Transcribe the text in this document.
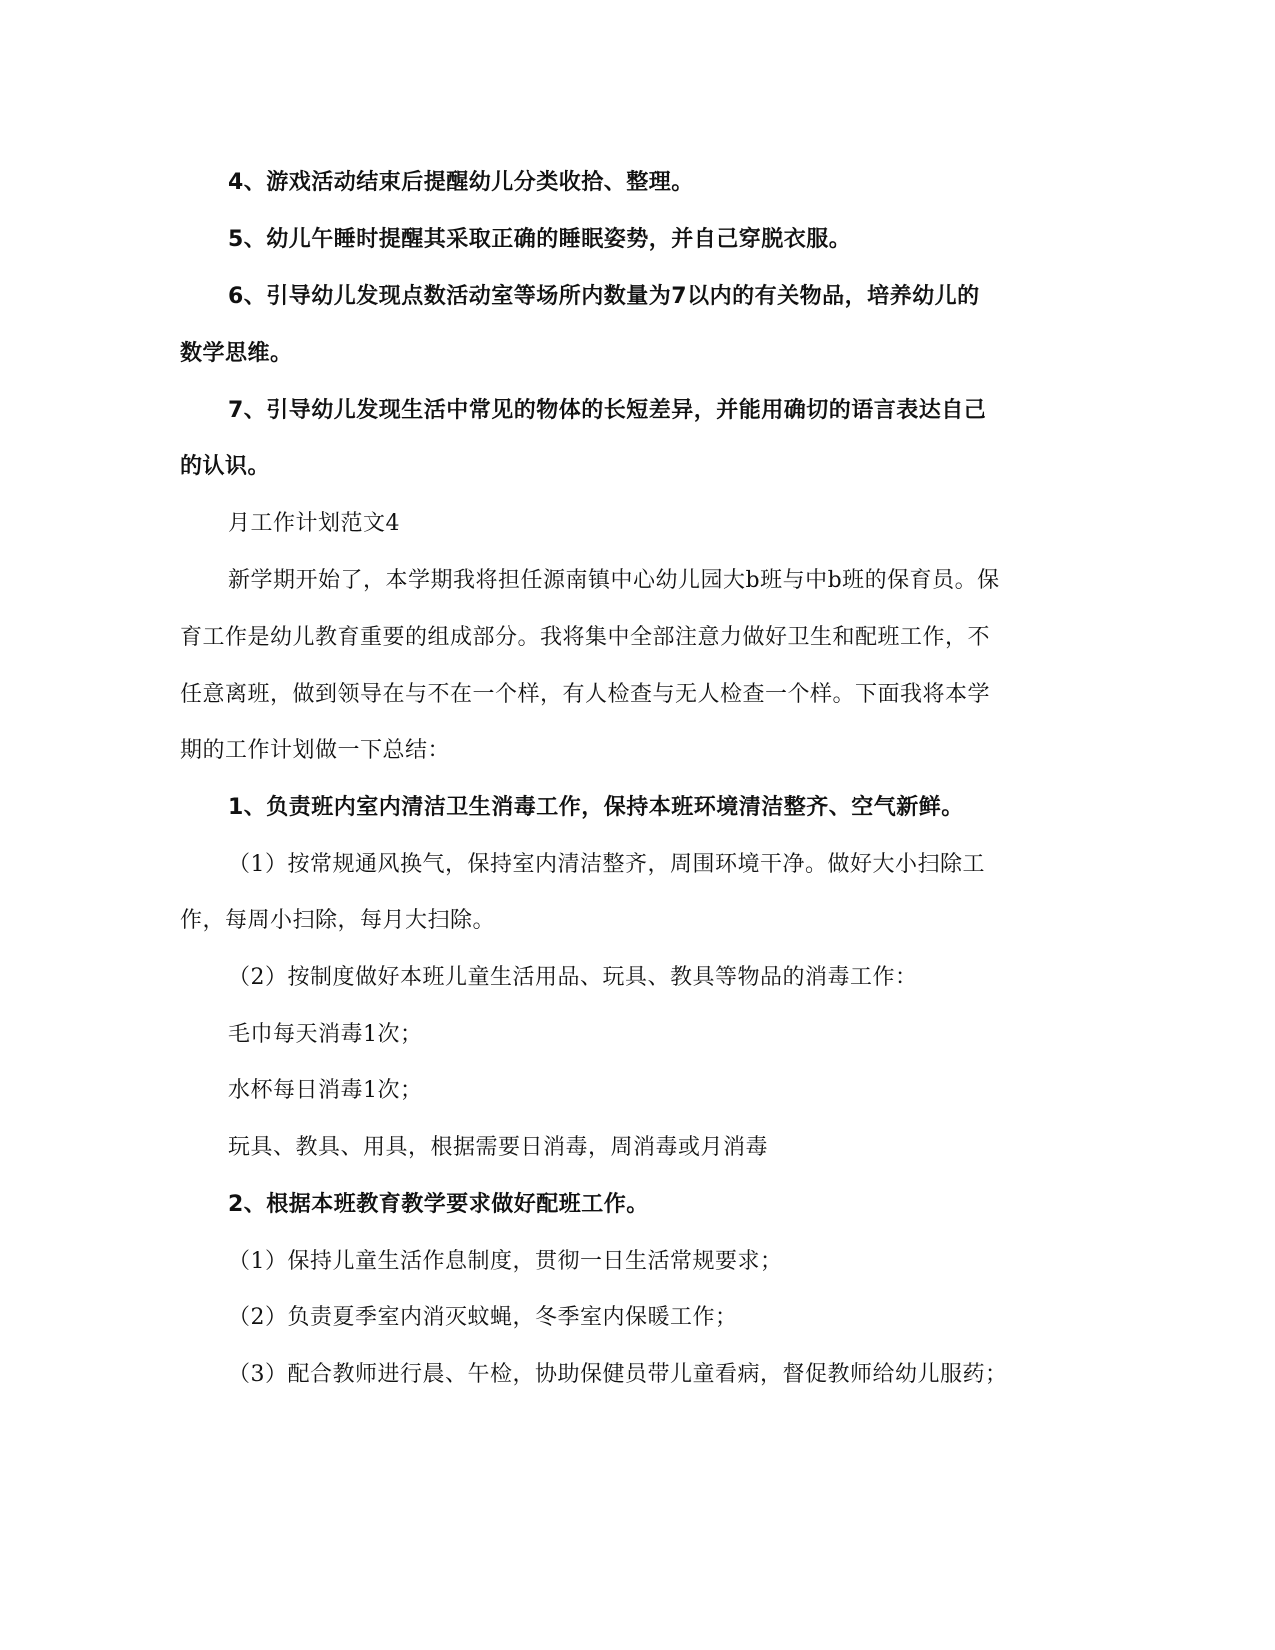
4、游戏活动结束后提醒幼儿分类收拾、整理。
5、幼儿午睡时提醒其采取正确的睡眠姿势，并自己穿脱衣服。
6、引导幼儿发现点数活动室等场所内数量为7以内的有关物品，培养幼儿的
数学思维。
7、引导幼儿发现生活中常见的物体的长短差异，并能用确切的语言表达自己
的认识。
月工作计划范文4
新学期开始了，本学期我将担任源南镇中心幼儿园大b班与中b班的保育员。保
育工作是幼儿教育重要的组成部分。我将集中全部注意力做好卫生和配班工作，不
任意离班，做到领导在与不在一个样，有人检查与无人检查一个样。下面我将本学
期的工作计划做一下总结：
1、负责班内室内清洁卫生消毒工作，保持本班环境清洁整齐、空气新鲜。
（1）按常规通风换气，保持室内清洁整齐，周围环境干净。做好大小扫除工
作，每周小扫除，每月大扫除。
（2）按制度做好本班儿童生活用品、玩具、教具等物品的消毒工作：
毛巾每天消毒1次；
水杯每日消毒1次；
玩具、教具、用具，根据需要日消毒，周消毒或月消毒
2、根据本班教育教学要求做好配班工作。
（1）保持儿童生活作息制度，贯彻一日生活常规要求；
（2）负责夏季室内消灭蚊蝇，冬季室内保暖工作；
（3）配合教师进行晨、午检，协助保健员带儿童看病，督促教师给幼儿服药；
